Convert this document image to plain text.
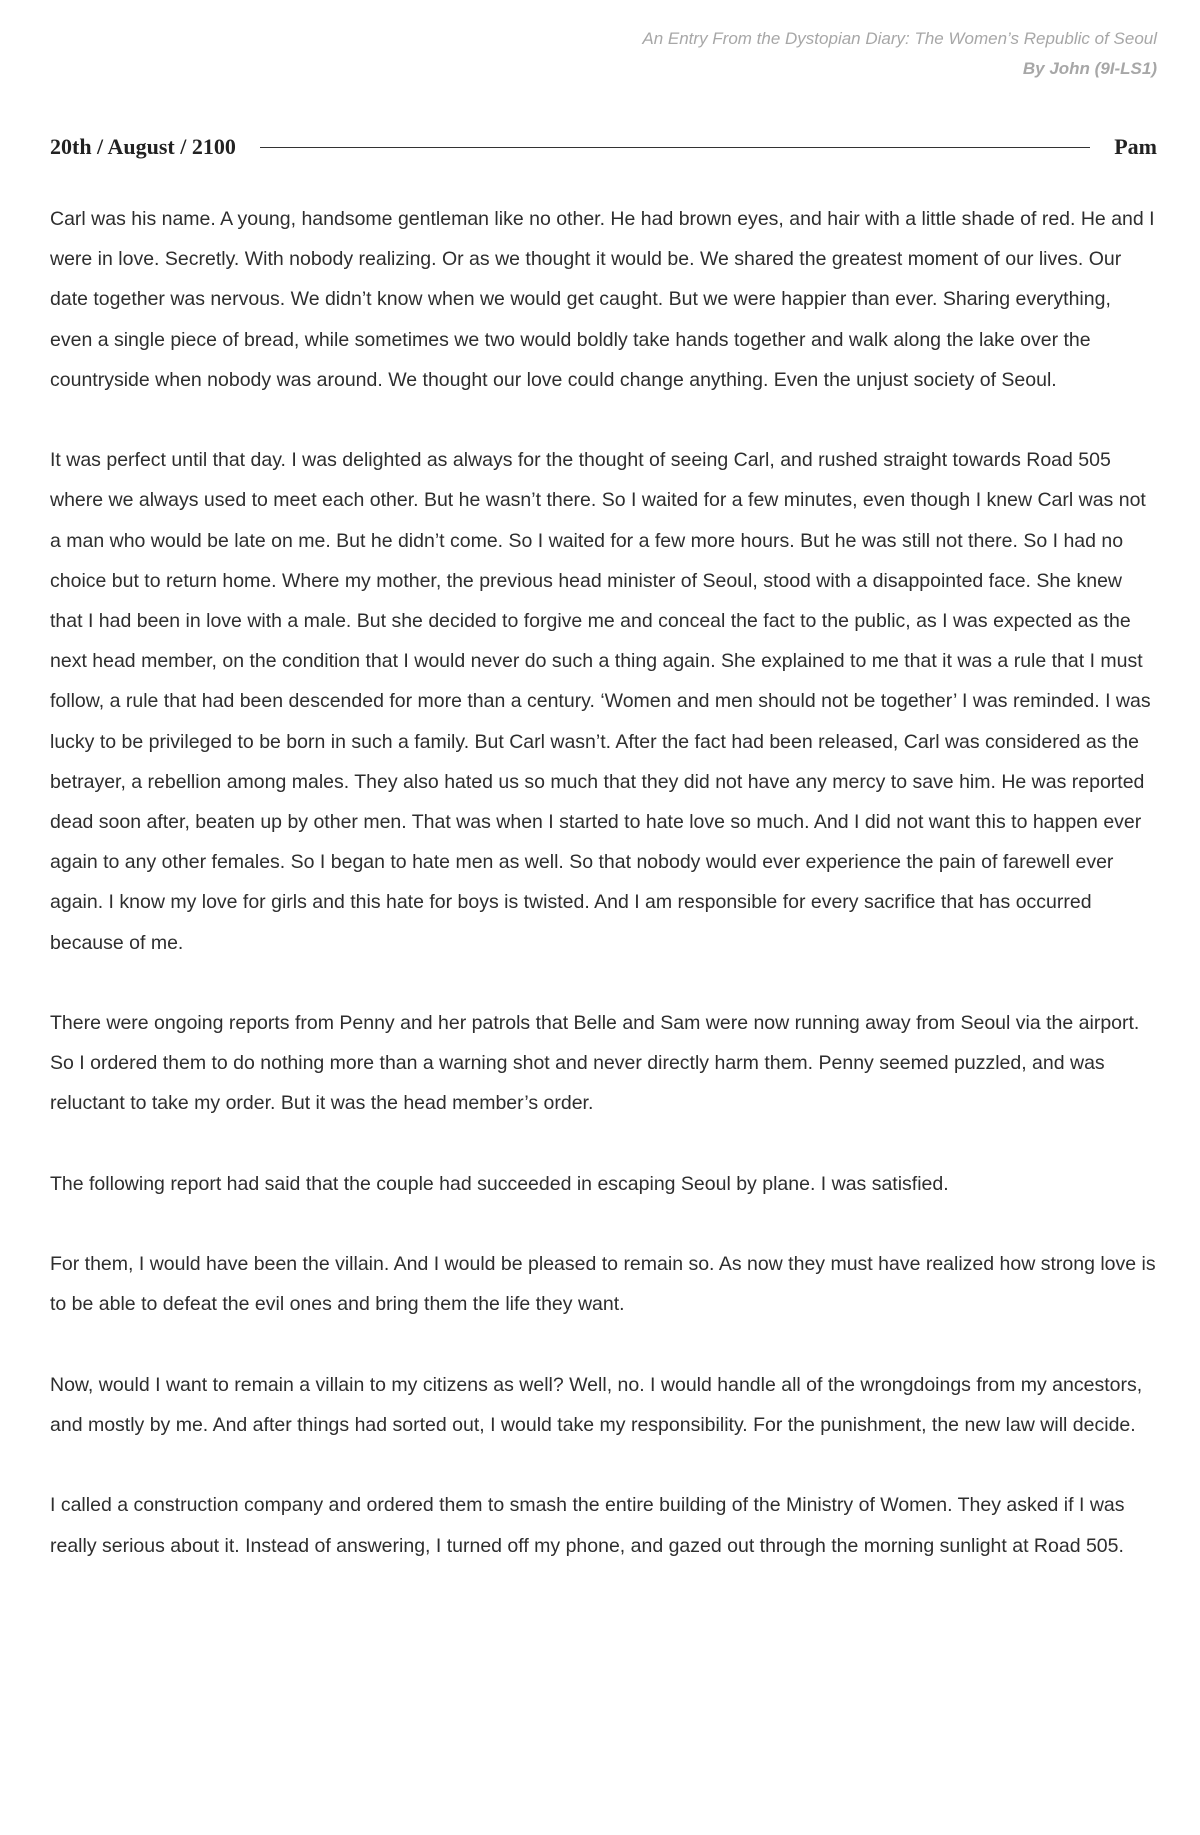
An Entry From the Dystopian Diary: The Women’s Republic of Seoul
By John (9I-LS1)
20th / August / 2100	Pam

Carl was his name. A young, handsome gentleman like no other. He had brown eyes, and hair with a little shade of red. He and I were in love. Secretly. With nobody realizing. Or as we thought it would be. We shared the greatest moment of our lives. Our date together was nervous. We didn’t know when we would get caught. But we were happier than ever. Sharing everything, even a single piece of bread, while sometimes we two would boldly take hands together and walk along the lake over the countryside when nobody was around. We thought our love could change anything. Even the unjust society of Seoul.

It was perfect until that day. I was delighted as always for the thought of seeing Carl, and rushed straight towards Road 505 where we always used to meet each other. But he wasn’t there. So I waited for a few minutes, even though I knew Carl was not a man who would be late on me. But he didn’t come. So I waited for a few more hours. But he was still not there. So I had no choice but to return home. Where my mother, the previous head minister of Seoul, stood with a disappointed face. She knew that I had been in love with a male. But she decided to forgive me and conceal the fact to the public, as I was expected as the next head member, on the condition that I would never do such a thing again. She explained to me that it was a rule that I must follow, a rule that had been descended for more than a century. ‘Women and men should not be together’ I was reminded. I was lucky to be privileged to be born in such a family. But Carl wasn’t. After the fact had been released, Carl was considered as the betrayer, a rebellion among males. They also hated us so much that they did not have any mercy to save him. He was reported dead soon after, beaten up by other men. That was when I started to hate love so much. And I did not want this to happen ever again to any other females. So I began to hate men as well. So that nobody would ever experience the pain of farewell ever again. I know my love for girls and this hate for boys is twisted. And I am responsible for every sacrifice that has occurred because of me.

There were ongoing reports from Penny and her patrols that Belle and Sam were now running away from Seoul via the airport. So I ordered them to do nothing more than a warning shot and never directly harm them. Penny seemed puzzled, and was reluctant to take my order. But it was the head member’s order.

The following report had said that the couple had succeeded in escaping Seoul by plane. I was satisfied.

For them, I would have been the villain. And I would be pleased to remain so. As now they must have realized how strong love is to be able to defeat the evil ones and bring them the life they want.

Now, would I want to remain a villain to my citizens as well? Well, no. I would handle all of the wrongdoings from my ancestors, and mostly by me. And after things had sorted out, I would take my responsibility. For the punishment, the new law will decide.

I called a construction company and ordered them to smash the entire building of the Ministry of Women. They asked if I was really serious about it. Instead of answering, I turned off my phone, and gazed out through the morning sunlight at Road 505.
